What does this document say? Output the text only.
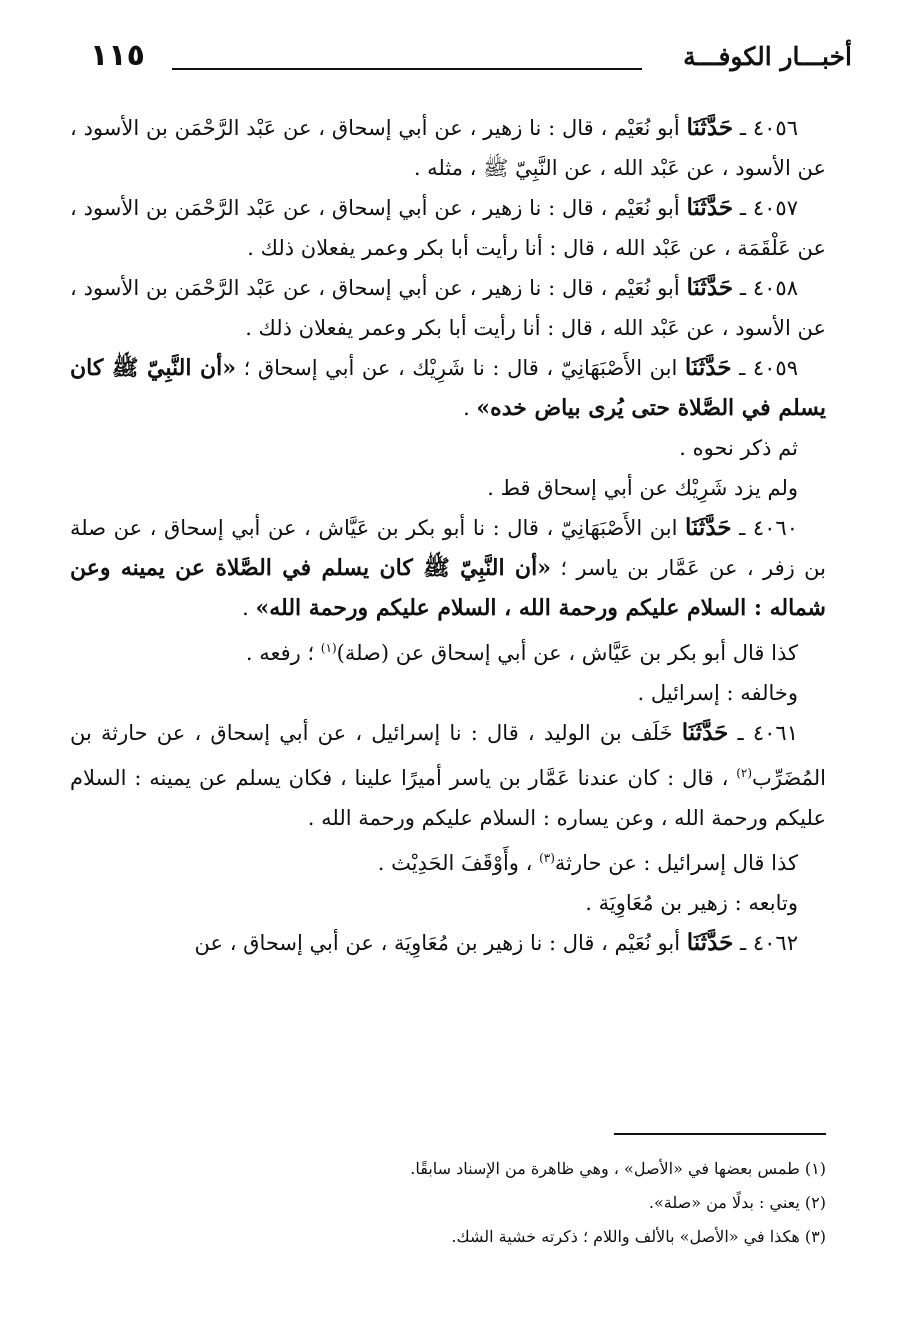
١١٥	أخبـــار الكوفـــة

٤٠٥٦ ـ حَدَّثَنَا أبو نُعَيْم ، قال : نا زهير ، عن أبي إسحاق ، عن عَبْد الرَّحْمَن بن الأسود ، عن الأسود ، عن عَبْد الله ، عن النَّبِيّ ﷺ ، مثله .

٤٠٥٧ ـ حَدَّثَنَا أبو نُعَيْم ، قال : نا زهير ، عن أبي إسحاق ، عن عَبْد الرَّحْمَن بن الأسود ، عن عَلْقَمَة ، عن عَبْد الله ، قال : أنا رأيت أبا بكر وعمر يفعلان ذلك .

٤٠٥٨ ـ حَدَّثَنَا أبو نُعَيْم ، قال : نا زهير ، عن أبي إسحاق ، عن عَبْد الرَّحْمَن بن الأسود ، عن الأسود ، عن عَبْد الله ، قال : أنا رأيت أبا بكر وعمر يفعلان ذلك .

٤٠٥٩ ـ حَدَّثَنَا ابن الأَصْبَهَانِيّ ، قال : نا شَرِيْك ، عن أبي إسحاق ؛ «أن النَّبِيّ ﷺ كان يسلم في الصَّلاة حتى يُرى بياض خده» .

ثم ذكر نحوه .

ولم يزد شَرِيْك عن أبي إسحاق قط .

٤٠٦٠ ـ حَدَّثَنَا ابن الأَصْبَهَانِيّ ، قال : نا أبو بكر بن عَيَّاش ، عن أبي إسحاق ، عن صلة بن زفر ، عن عَمَّار بن ياسر ؛ «أن النَّبِيّ ﷺ كان يسلم في الصَّلاة عن يمينه وعن شماله : السلام عليكم ورحمة الله ، السلام عليكم ورحمة الله» .

كذا قال أبو بكر بن عَيَّاش ، عن أبي إسحاق عن (صلة)$^{(١)}$ ؛ رفعه .

وخالفه : إسرائيل .

٤٠٦١ ـ حَدَّثَنَا خَلَف بن الوليد ، قال : نا إسرائيل ، عن أبي إسحاق ، عن حارثة بن المُضَرِّب$^{(٢)}$ ، قال : كان عندنا عَمَّار بن ياسر أميرًا علينا ، فكان يسلم عن يمينه : السلام عليكم ورحمة الله ، وعن يساره : السلام عليكم ورحمة الله .

كذا قال إسرائيل : عن حارثة$^{(٣)}$ ، وأَوْقَفَ الحَدِيْث .

وتابعه : زهير بن مُعَاوِيَة .

٤٠٦٢ ـ حَدَّثَنَا أبو نُعَيْم ، قال : نا زهير بن مُعَاوِيَة ، عن أبي إسحاق ، عن

(١) طمس بعضها في «الأصل» ، وهي ظاهرة من الإسناد سابقًا.

(٢) يعني : بدلًا من «صلة».

(٣) هكذا في «الأصل» بالألف واللام ؛ ذكرته خشية الشك.
